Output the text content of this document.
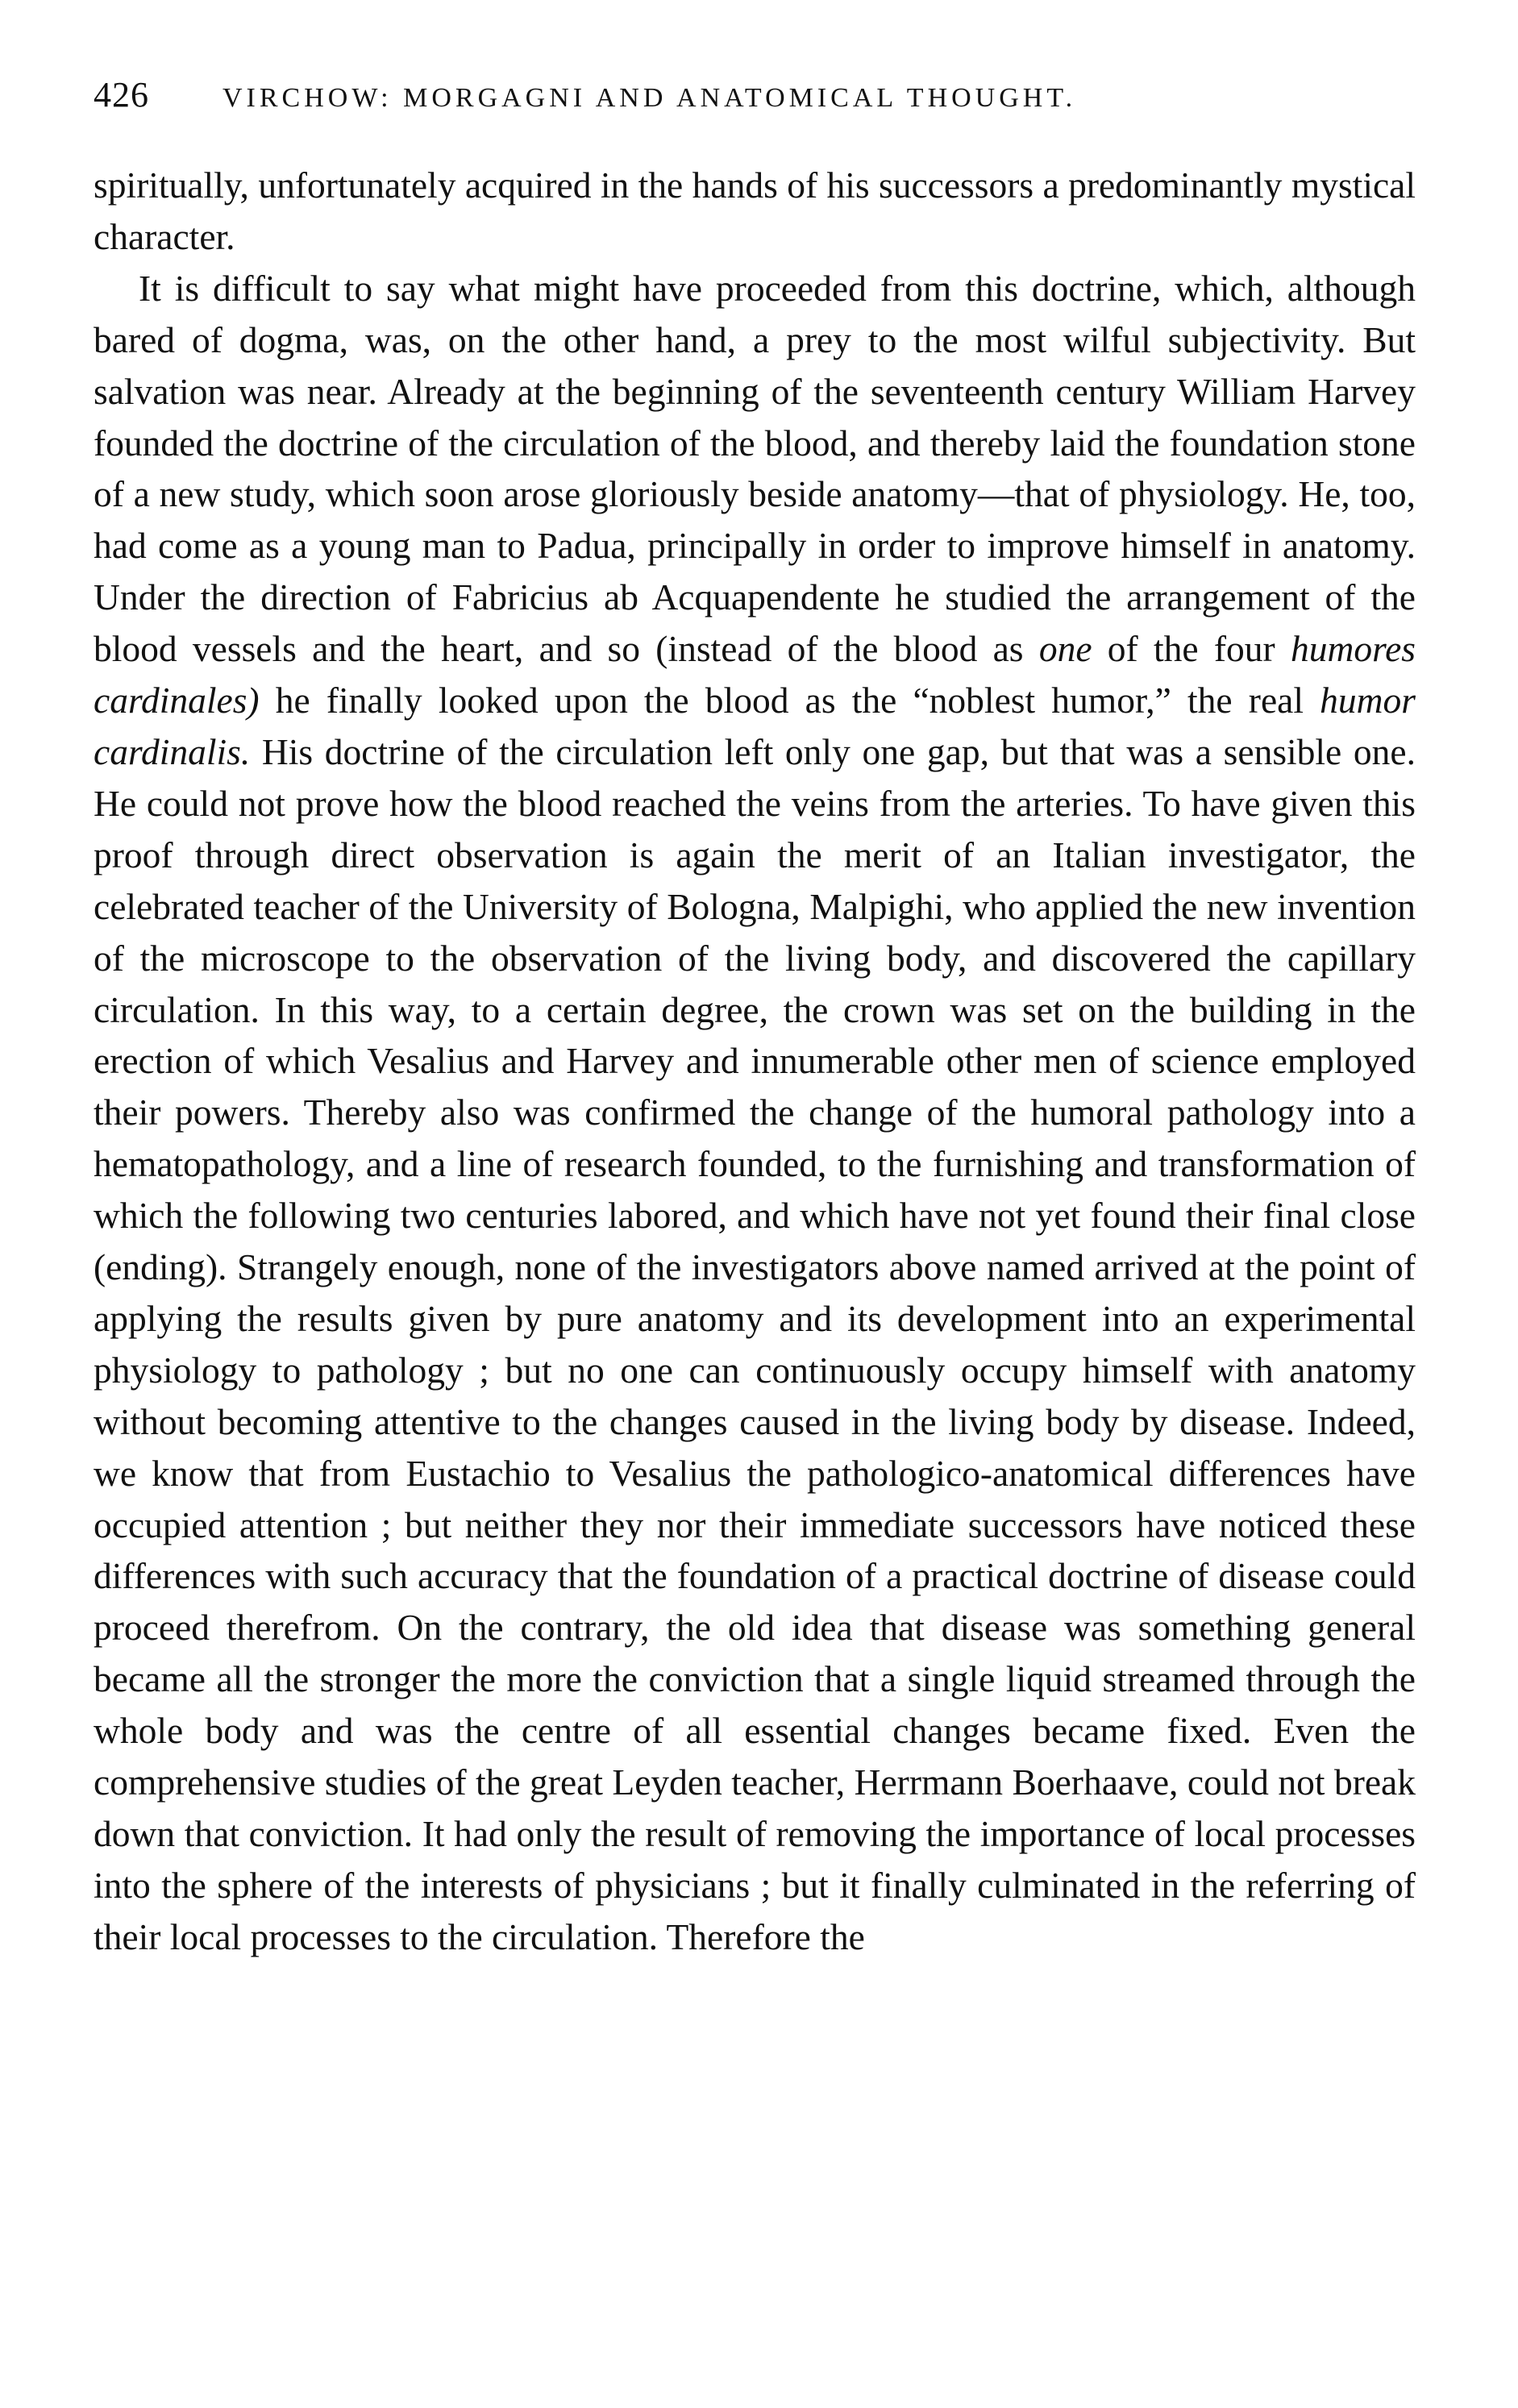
426	VIRCHOW: MORGAGNI AND ANATOMICAL THOUGHT.

spiritually, unfortunately acquired in the hands of his successors a predominantly mystical character.

It is difficult to say what might have proceeded from this doctrine, which, although bared of dogma, was, on the other hand, a prey to the most wilful subjectivity. But salvation was near. Already at the beginning of the seventeenth century William Harvey founded the doctrine of the circulation of the blood, and thereby laid the foundation stone of a new study, which soon arose gloriously beside anatomy—that of physiology. He, too, had come as a young man to Padua, principally in order to improve himself in anatomy. Under the direction of Fabricius ab Acquapendente he studied the arrangement of the blood vessels and the heart, and so (instead of the blood as one of the four humores cardinales) he finally looked upon the blood as the “noblest humor,” the real humor cardinalis. His doctrine of the circulation left only one gap, but that was a sensible one. He could not prove how the blood reached the veins from the arteries. To have given this proof through direct observation is again the merit of an Italian investigator, the celebrated teacher of the University of Bologna, Malpighi, who applied the new invention of the microscope to the observation of the living body, and discovered the capillary circulation. In this way, to a certain degree, the crown was set on the building in the erection of which Vesalius and Harvey and innumerable other men of science employed their powers. Thereby also was confirmed the change of the humoral pathology into a hematopathology, and a line of research founded, to the furnishing and transformation of which the following two centuries labored, and which have not yet found their final close (ending). Strangely enough, none of the investigators above named arrived at the point of applying the results given by pure anatomy and its development into an experimental physiology to pathology ; but no one can continuously occupy himself with anatomy without becoming attentive to the changes caused in the living body by disease. Indeed, we know that from Eustachio to Vesalius the pathologico-anatomical differences have occupied attention ; but neither they nor their immediate successors have noticed these differences with such accuracy that the foundation of a practical doctrine of disease could proceed therefrom. On the contrary, the old idea that disease was something general became all the stronger the more the conviction that a single liquid streamed through the whole body and was the centre of all essential changes became fixed. Even the comprehensive studies of the great Leyden teacher, Herrmann Boerhaave, could not break down that conviction. It had only the result of removing the importance of local processes into the sphere of the interests of physicians ; but it finally culminated in the referring of their local processes to the circulation. Therefore the
